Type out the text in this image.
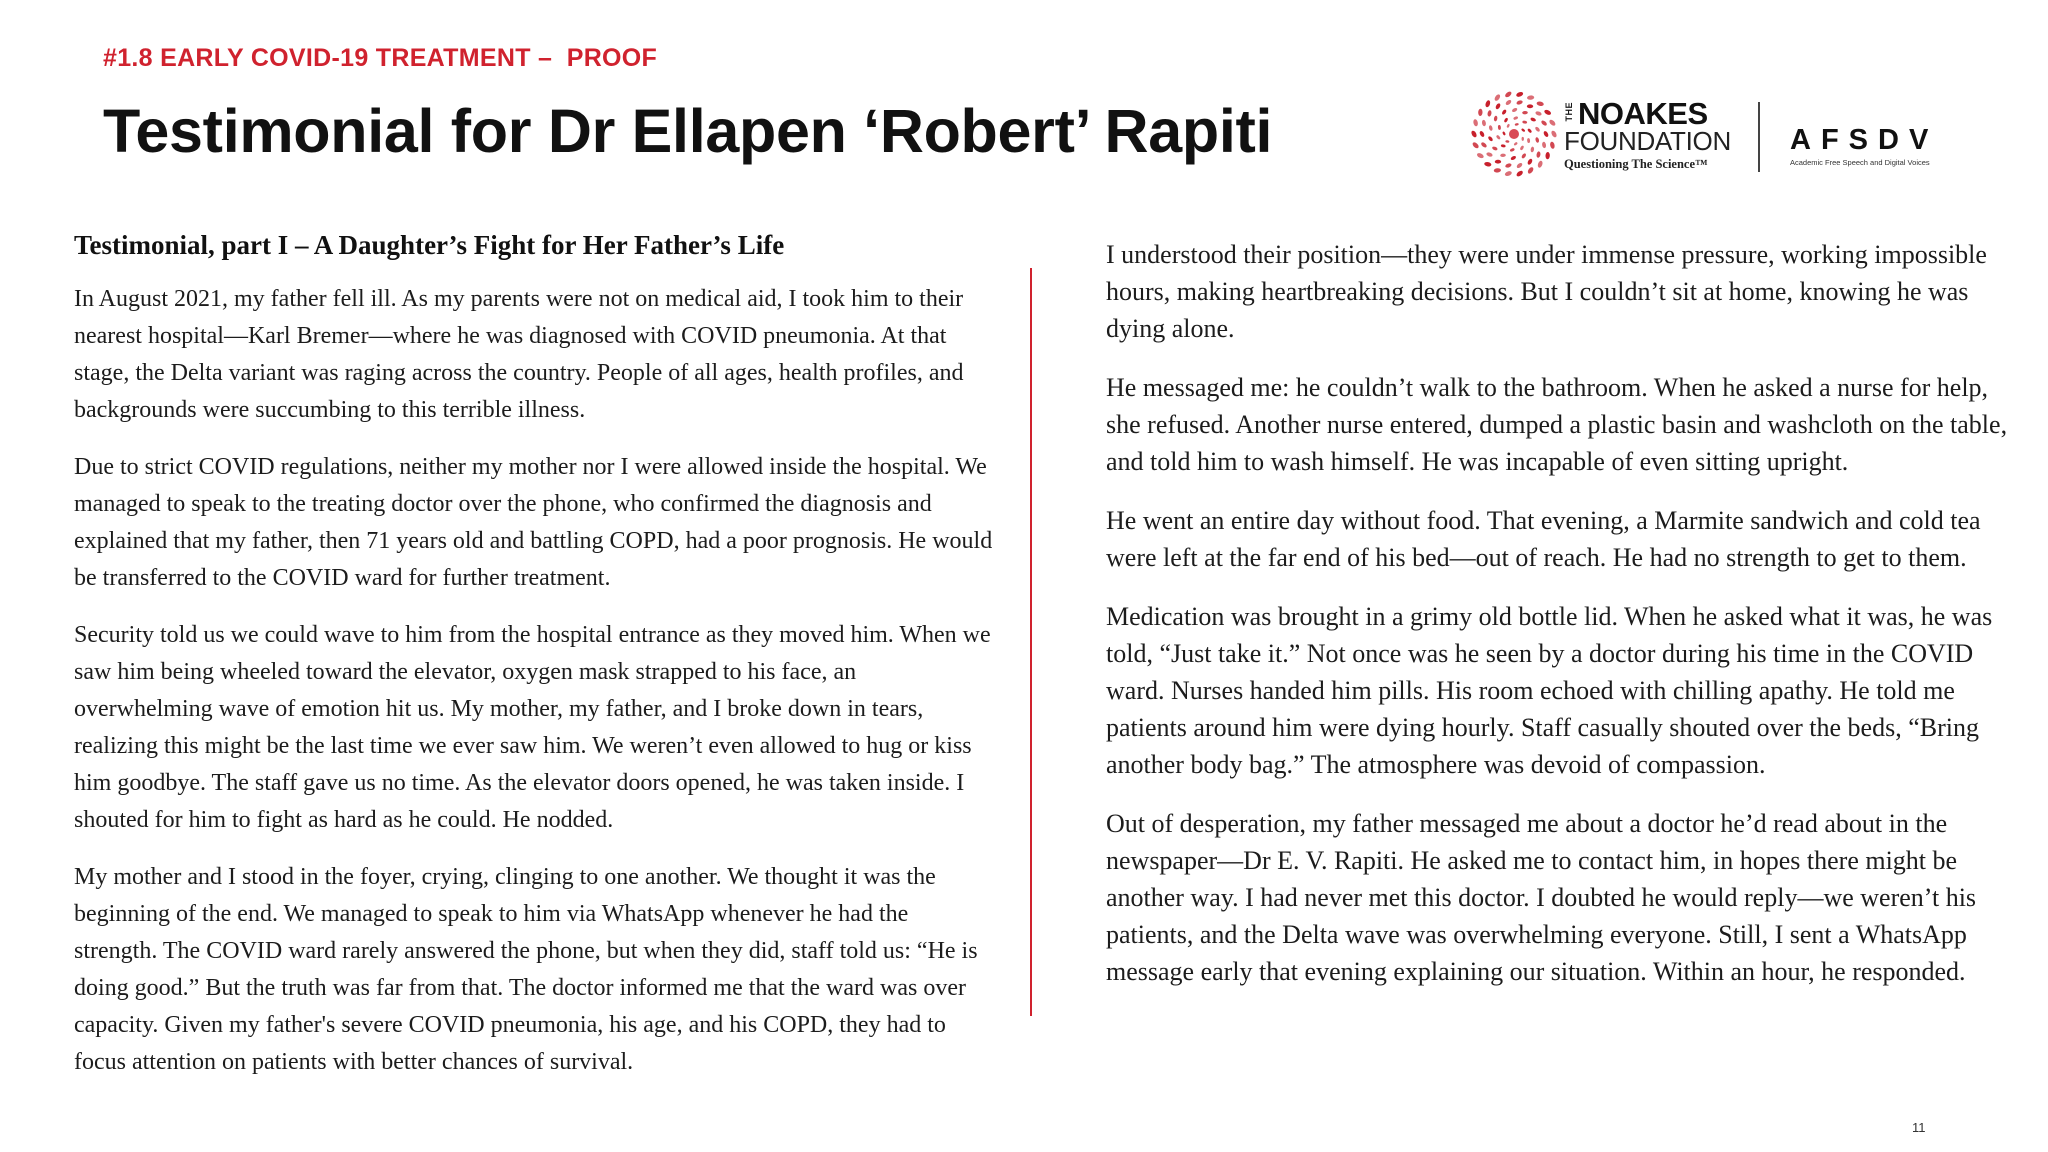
#1.8 EARLY COVID-19 TREATMENT –  PROOF
Testimonial for Dr Ellapen ‘Robert’ Rapiti	THE NOAKES
FOUNDATION
Questioning The Science™
AFSDV
Academic Free Speech and Digital Voices
Testimonial, part I – A Daughter’s Fight for Her Father’s Life

In August 2021, my father fell ill. As my parents were not on medical aid, I took him to their nearest hospital—Karl Bremer—where he was diagnosed with COVID pneumonia. At that stage, the Delta variant was raging across the country. People of all ages, health profiles, and backgrounds were succumbing to this terrible illness.

Due to strict COVID regulations, neither my mother nor I were allowed inside the hospital. We managed to speak to the treating doctor over the phone, who confirmed the diagnosis and explained that my father, then 71 years old and battling COPD, had a poor prognosis. He would be transferred to the COVID ward for further treatment.

Security told us we could wave to him from the hospital entrance as they moved him. When we saw him being wheeled toward the elevator, oxygen mask strapped to his face, an overwhelming wave of emotion hit us. My mother, my father, and I broke down in tears, realizing this might be the last time we ever saw him. We weren’t even allowed to hug or kiss him goodbye. The staff gave us no time. As the elevator doors opened, he was taken inside. I shouted for him to fight as hard as he could. He nodded.

My mother and I stood in the foyer, crying, clinging to one another. We thought it was the beginning of the end. We managed to speak to him via WhatsApp whenever he had the strength. The COVID ward rarely answered the phone, but when they did, staff told us: “He is doing good.” But the truth was far from that. The doctor informed me that the ward was over capacity. Given my father's severe COVID pneumonia, his age, and his COPD, they had to focus attention on patients with better chances of survival.

I understood their position—they were under immense pressure, working impossible hours, making heartbreaking decisions. But I couldn’t sit at home, knowing he was dying alone.

He messaged me: he couldn’t walk to the bathroom. When he asked a nurse for help, she refused. Another nurse entered, dumped a plastic basin and washcloth on the table, and told him to wash himself. He was incapable of even sitting upright.

He went an entire day without food. That evening, a Marmite sandwich and cold tea were left at the far end of his bed—out of reach. He had no strength to get to them.

Medication was brought in a grimy old bottle lid. When he asked what it was, he was told, “Just take it.” Not once was he seen by a doctor during his time in the COVID ward. Nurses handed him pills. His room echoed with chilling apathy. He told me patients around him were dying hourly. Staff casually shouted over the beds, “Bring another body bag.” The atmosphere was devoid of compassion.

Out of desperation, my father messaged me about a doctor he’d read about in the newspaper—Dr E. V. Rapiti. He asked me to contact him, in hopes there might be another way. I had never met this doctor. I doubted he would reply—we weren’t his patients, and the Delta wave was overwhelming everyone. Still, I sent a WhatsApp message early that evening explaining our situation. Within an hour, he responded.

11
